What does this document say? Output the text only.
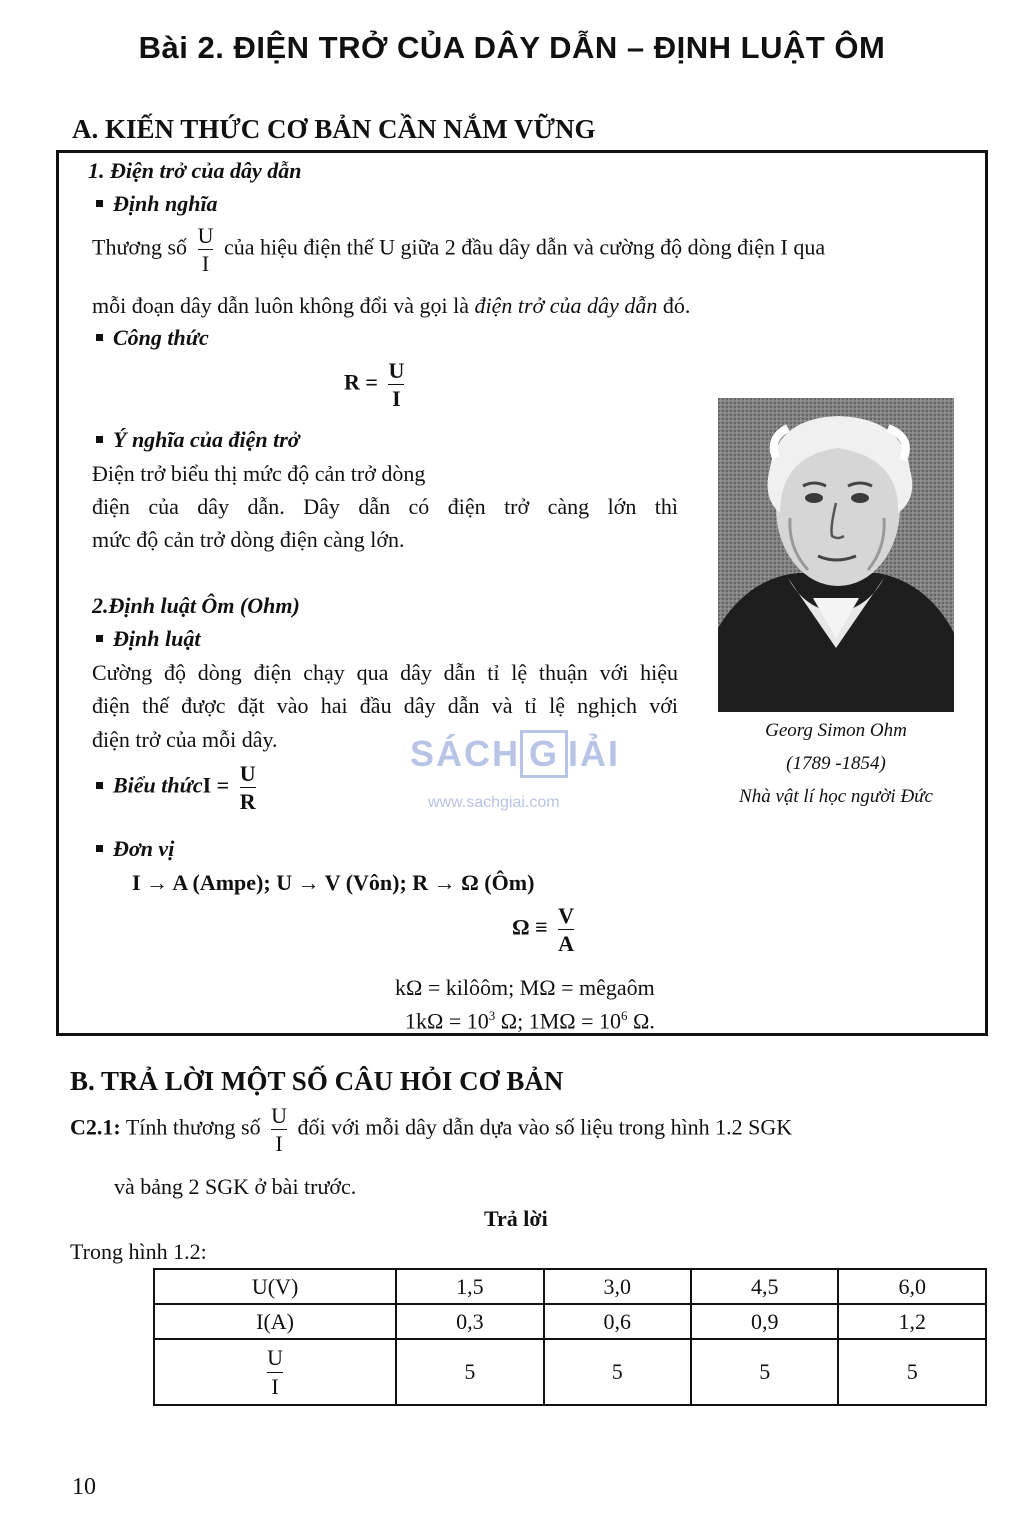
Bài 2. ĐIỆN TRỞ CỦA DÂY DẪN – ĐỊNH LUẬT ÔM
A. KIẾN THỨC CƠ BẢN CẦN NẮM VỮNG
1. Điện trở của dây dẫn
Định nghĩa
Thương số $\frac{U}{I}$ của hiệu điện thế U giữa 2 đầu dây dẫn và cường độ dòng điện I qua
mỗi đoạn dây dẫn luôn không đổi và gọi là điện trở của dây dẫn đó.
Công thức
$R = \frac{U}{I}$
Ý nghĩa của điện trở
Điện trở biểu thị mức độ cản trở dòng
điện của dây dẫn. Dây dẫn có điện trở càng lớn thì
mức độ cản trở dòng điện càng lớn.
Georg Simon Ohm
(1789 -1854)
Nhà vật lí học người Đức
2.Định luật Ôm (Ohm)
Định luật
Cường độ dòng điện chạy qua dây dẫn tỉ lệ thuận với hiệu
điện thế được đặt vào hai đầu dây dẫn và tỉ lệ nghịch với
điện trở của mỗi dây.	SÁCH G IẢI
www.sachgiai.com
Biểu thứcI = $\frac{U}{R}$
Đơn vị
I → A (Ampe); U → V (Vôn); R → Ω (Ôm)
$\Omega \equiv \frac{V}{A}$
kΩ = kilôôm; MΩ = mêgaôm
$1k\Omega = 10^3$ Ω; $1M\Omega = 10^6$ Ω.
B. TRẢ LỜI MỘT SỐ CÂU HỎI CƠ BẢN
C2.1: Tính thương số $\frac{U}{I}$ đối với mỗi dây dẫn dựa vào số liệu trong hình 1.2 SGK
và bảng 2 SGK ở bài trước.
Trả lời
Trong hình 1.2:
U(V)	1,5	3,0	4,5	6,0
I(A)	0,3	0,6	0,9	1,2

$\frac{U}{I}$	5	5	5	5
10
